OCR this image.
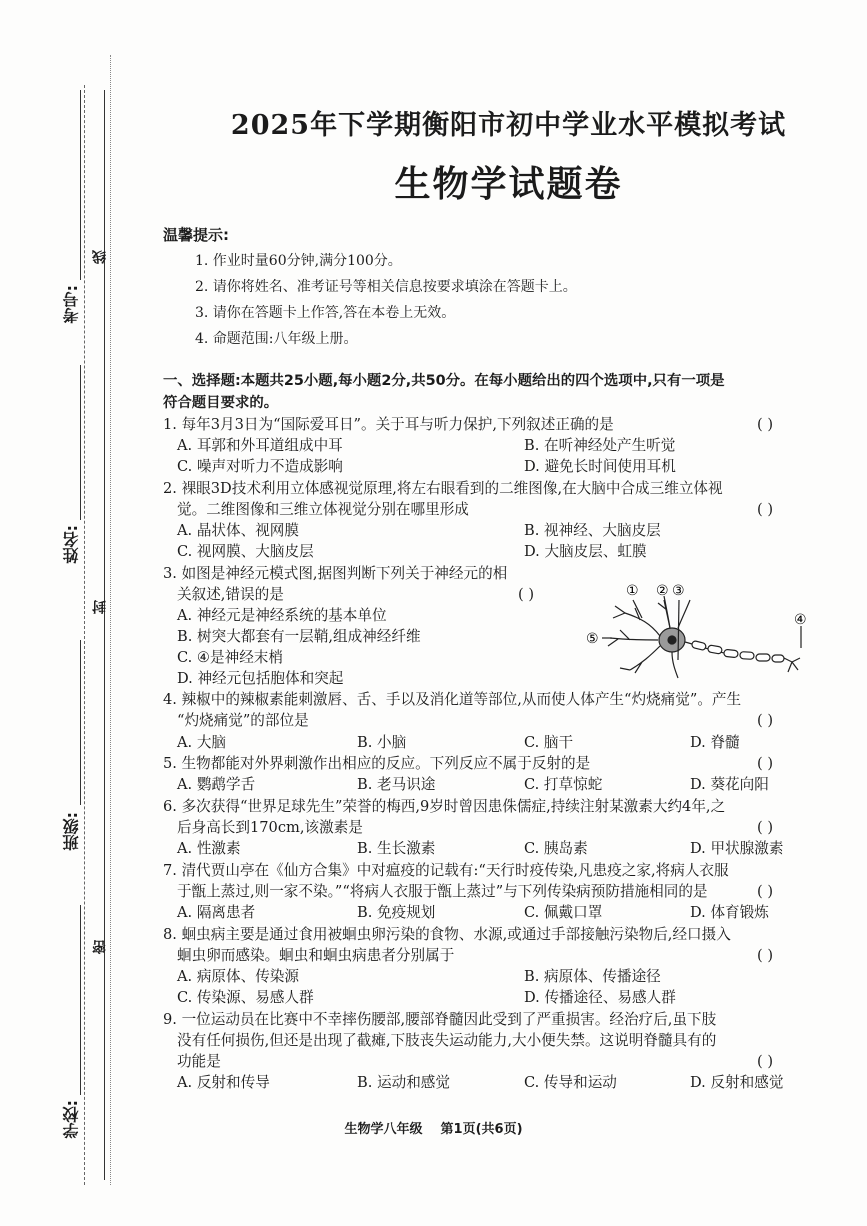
考号:
线
姓名:
封
班级:
密
学校:
2025年下学期衡阳市初中学业水平模拟考试
生物学试题卷
温馨提示:
1. 作业时量60分钟,满分100分。
2. 请你将姓名、准考证号等相关信息按要求填涂在答题卡上。
3. 请你在答题卡上作答,答在本卷上无效。
4. 命题范围:八年级上册。
一、选择题:本题共25小题,每小题2分,共50分。在每小题给出的四个选项中,只有一项是
符合题目要求的。
1. 每年3月3日为“国际爱耳日”。关于耳与听力保护,下列叙述正确的是	( )
A. 耳郭和外耳道组成中耳	B. 在听神经处产生听觉
C. 噪声对听力不造成影响	D. 避免长时间使用耳机
2. 裸眼3D技术利用立体感视觉原理,将左右眼看到的二维图像,在大脑中合成三维立体视
觉。二维图像和三维立体视觉分别在哪里形成	( )
A. 晶状体、视网膜	B. 视神经、大脑皮层
C. 视网膜、大脑皮层	D. 大脑皮层、虹膜
3. 如图是神经元模式图,据图判断下列关于神经元的相
关叙述,错误的是	( )
A. 神经元是神经系统的基本单位
B. 树突大都套有一层鞘,组成神经纤维
C. ④是神经末梢
D. 神经元包括胞体和突起
① ② ③
④
⑤
4. 辣椒中的辣椒素能刺激唇、舌、手以及消化道等部位,从而使人体产生“灼烧痛觉”。产生
“灼烧痛觉”的部位是	( )
A. 大脑	B. 小脑	C. 脑干	D. 脊髓
5. 生物都能对外界刺激作出相应的反应。下列反应不属于反射的是	( )
A. 鹦鹉学舌	B. 老马识途	C. 打草惊蛇	D. 葵花向阳
6. 多次获得“世界足球先生”荣誉的梅西,9岁时曾因患侏儒症,持续注射某激素大约4年,之
后身高长到170cm,该激素是	( )
A. 性激素	B. 生长激素	C. 胰岛素	D. 甲状腺激素
7. 清代贾山亭在《仙方合集》中对瘟疫的记载有:“天行时疫传染,凡患疫之家,将病人衣服
于甑上蒸过,则一家不染。”“将病人衣服于甑上蒸过”与下列传染病预防措施相同的是	( )
A. 隔离患者	B. 免疫规划	C. 佩戴口罩	D. 体育锻炼
8. 蛔虫病主要是通过食用被蛔虫卵污染的食物、水源,或通过手部接触污染物后,经口摄入
蛔虫卵而感染。蛔虫和蛔虫病患者分别属于	( )
A. 病原体、传染源	B. 病原体、传播途径
C. 传染源、易感人群	D. 传播途径、易感人群
9. 一位运动员在比赛中不幸摔伤腰部,腰部脊髓因此受到了严重损害。经治疗后,虽下肢
没有任何损伤,但还是出现了截瘫,下肢丧失运动能力,大小便失禁。这说明脊髓具有的
功能是	( )
A. 反射和传导	B. 运动和感觉	C. 传导和运动	D. 反射和感觉
生物学八年级    第1页(共6页)
